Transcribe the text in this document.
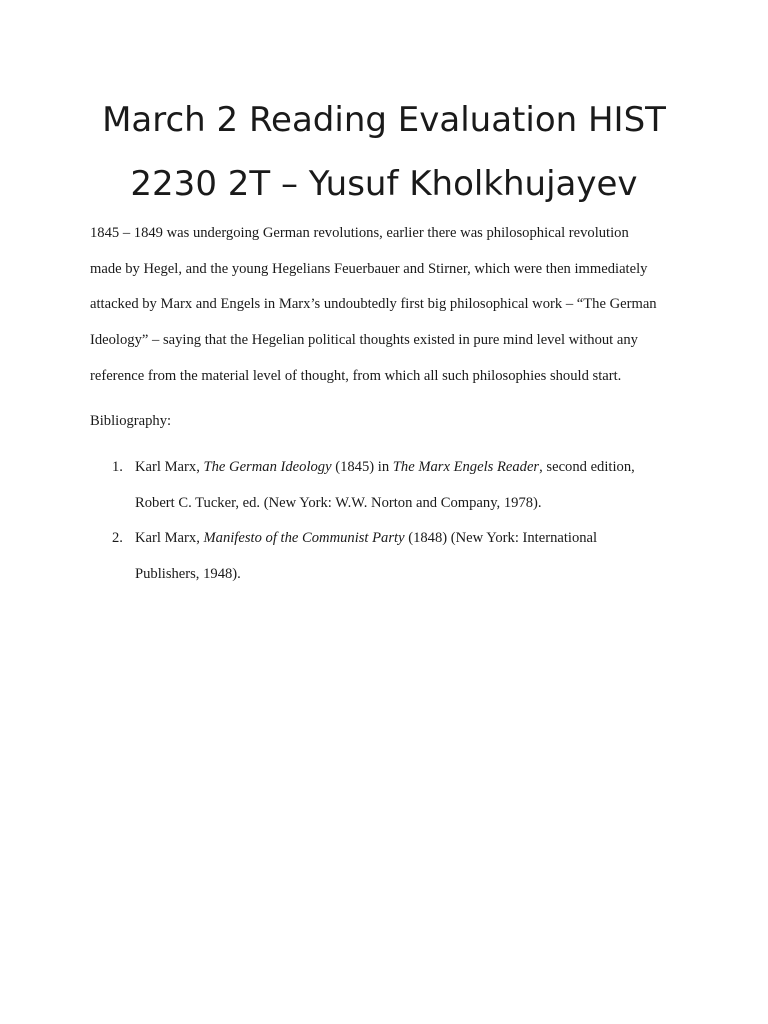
March 2 Reading Evaluation HIST
2230 2T – Yusuf Kholkhujayev

1845 – 1849 was undergoing German revolutions, earlier there was philosophical revolution
made by Hegel, and the young Hegelians Feuerbauer and Stirner, which were then immediately
attacked by Marx and Engels in Marx’s undoubtedly first big philosophical work – “The German
Ideology” – saying that the Hegelian political thoughts existed in pure mind level without any
reference from the material level of thought, from which all such philosophies should start.

Bibliography:

1. Karl Marx, The German Ideology (1845) in The Marx Engels Reader, second edition,
Robert C. Tucker, ed. (New York: W.W. Norton and Company, 1978).
2. Karl Marx, Manifesto of the Communist Party (1848) (New York: International
Publishers, 1948).
